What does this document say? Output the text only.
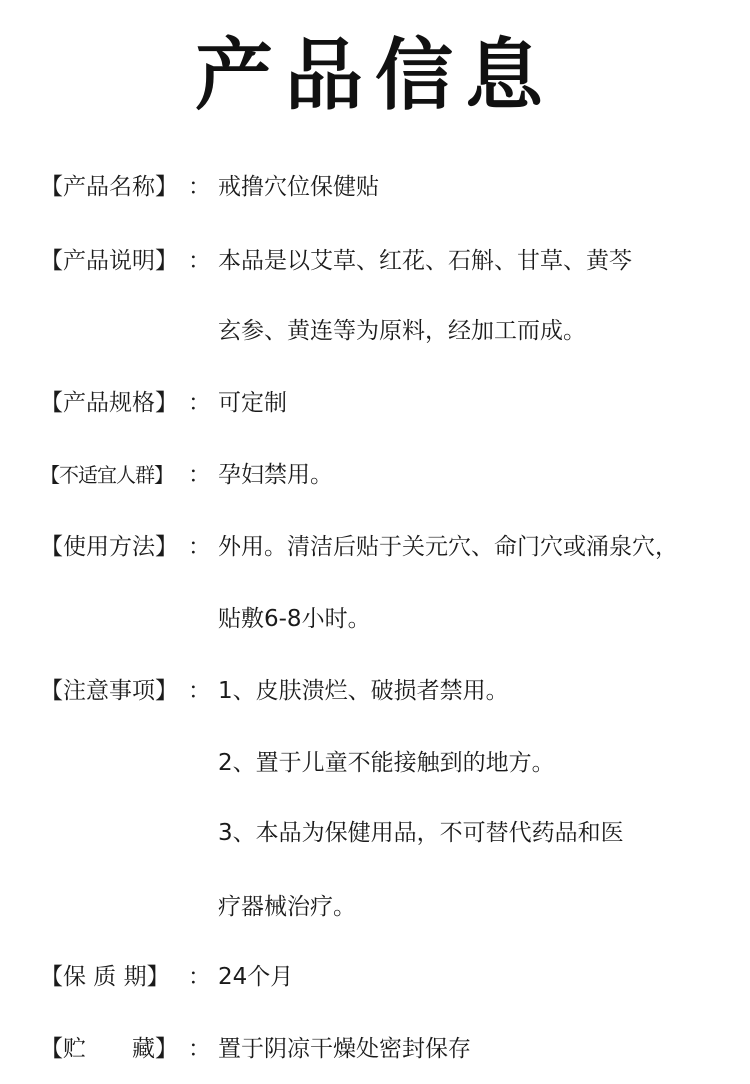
产品信息
【产品名称】 ： 戒撸穴位保健贴
【产品说明】 ： 本品是以艾草、红花、石斛、甘草、黄芩
玄参、黄连等为原料，经加工而成。
【产品规格】 ： 可定制
【不适宜人群】 ： 孕妇禁用。
【使用方法】 ： 外用。清洁后贴于关元穴、命门穴或涌泉穴，
贴敷6-8小时。
【注意事项】 ： 1、皮肤溃烂、破损者禁用。
2、置于儿童不能接触到的地方。
3、本品为保健用品，不可替代药品和医
疗器械治疗。
【保 质 期】 ： 24个月
【贮　　藏】 ： 置于阴凉干燥处密封保存
